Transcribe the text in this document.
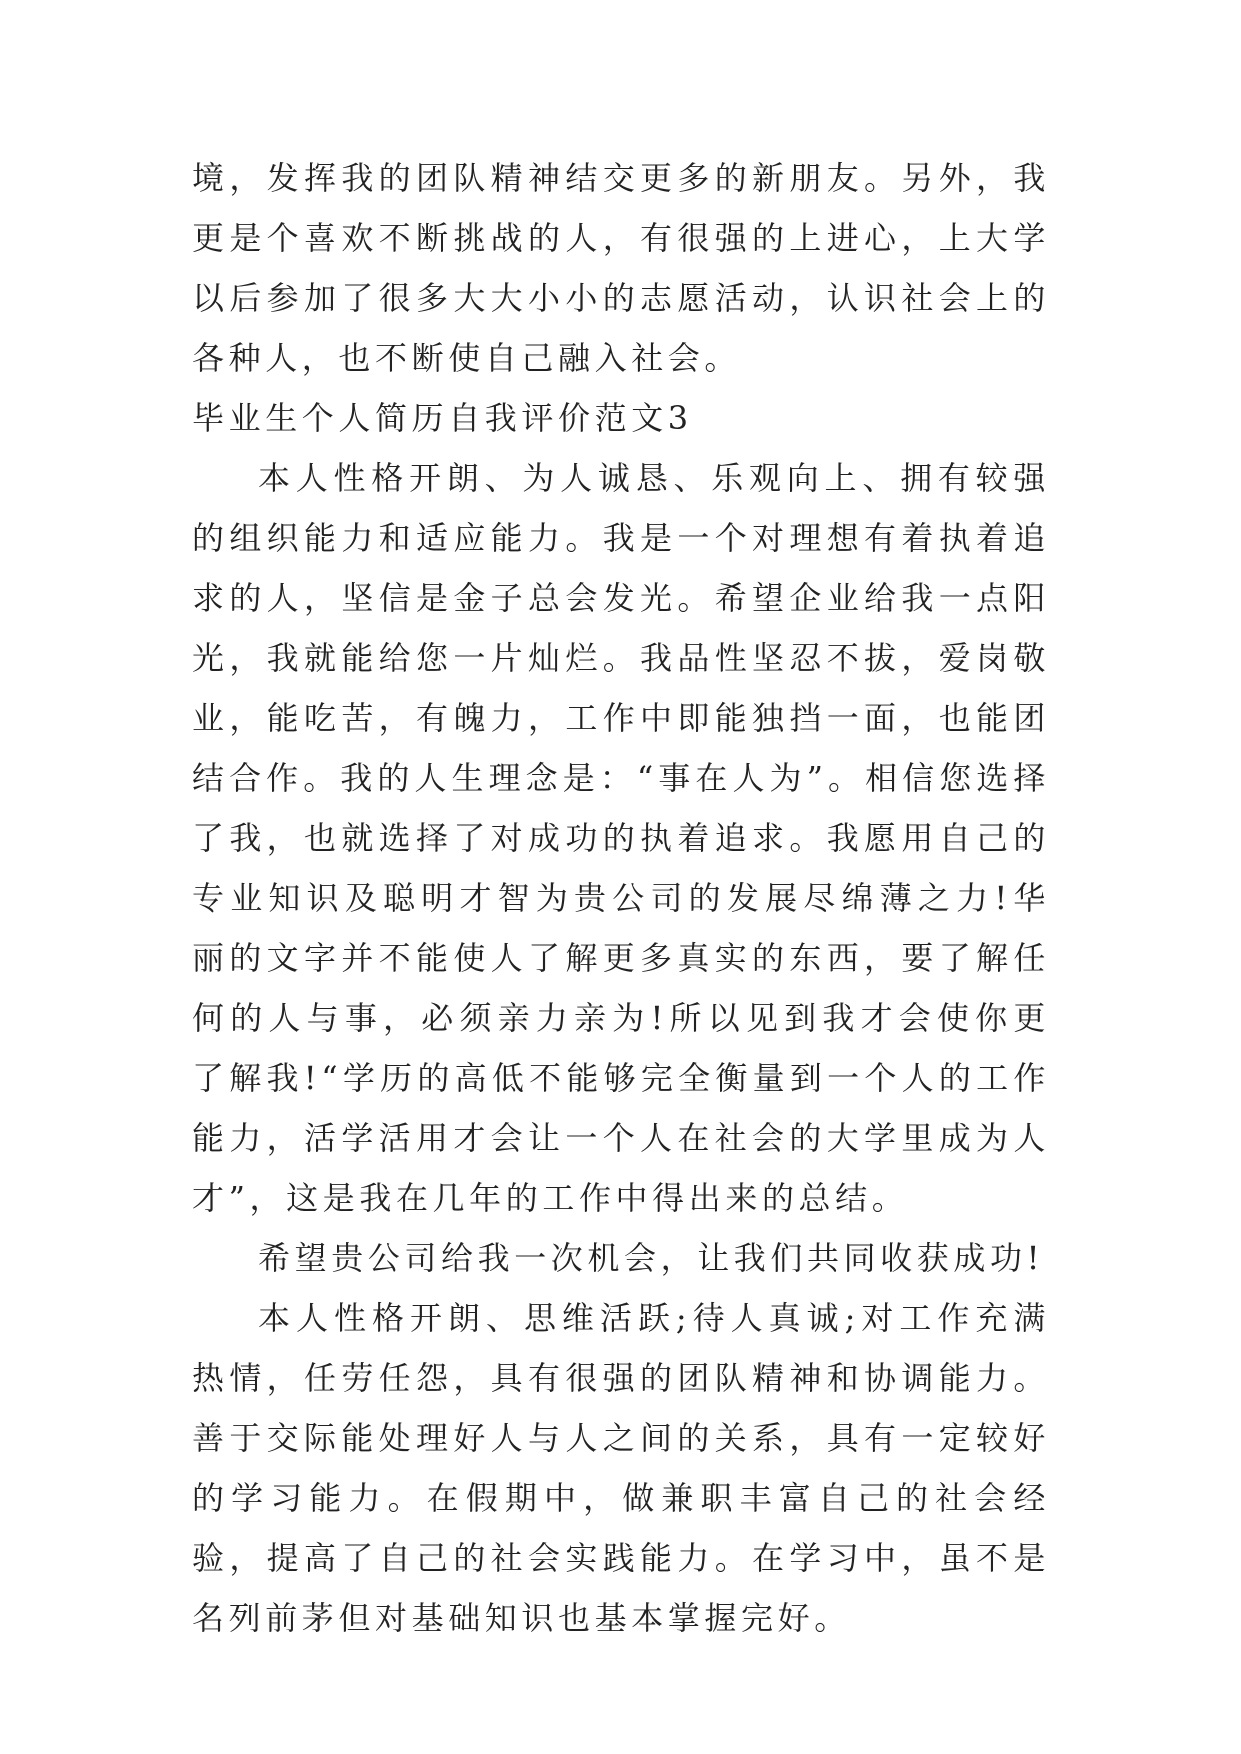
境，发挥我的团队精神结交更多的新朋友。另外，我更是个喜欢不断挑战的人，有很强的上进心，上大学以后参加了很多大大小小的志愿活动，认识社会上的各种人，也不断使自己融入社会。

毕业生个人简历自我评价范文3

本人性格开朗、为人诚恳、乐观向上、拥有较强的组织能力和适应能力。我是一个对理想有着执着追求的人，坚信是金子总会发光。希望企业给我一点阳光，我就能给您一片灿烂。我品性坚忍不拔，爱岗敬业，能吃苦，有魄力，工作中即能独挡一面，也能团结合作。我的人生理念是：“事在人为”。相信您选择了我，也就选择了对成功的执着追求。我愿用自己的专业知识及聪明才智为贵公司的发展尽绵薄之力!华丽的文字并不能使人了解更多真实的东西，要了解任何的人与事，必须亲力亲为!所以见到我才会使你更了解我!“学历的高低不能够完全衡量到一个人的工作能力，活学活用才会让一个人在社会的大学里成为人才”，这是我在几年的工作中得出来的总结。

希望贵公司给我一次机会，让我们共同收获成功!

本人性格开朗、思维活跃;待人真诚;对工作充满热情，任劳任怨，具有很强的团队精神和协调能力。善于交际能处理好人与人之间的关系，具有一定较好的学习能力。在假期中，做兼职丰富自己的社会经验，提高了自己的社会实践能力。在学习中，虽不是名列前茅但对基础知识也基本掌握完好。
